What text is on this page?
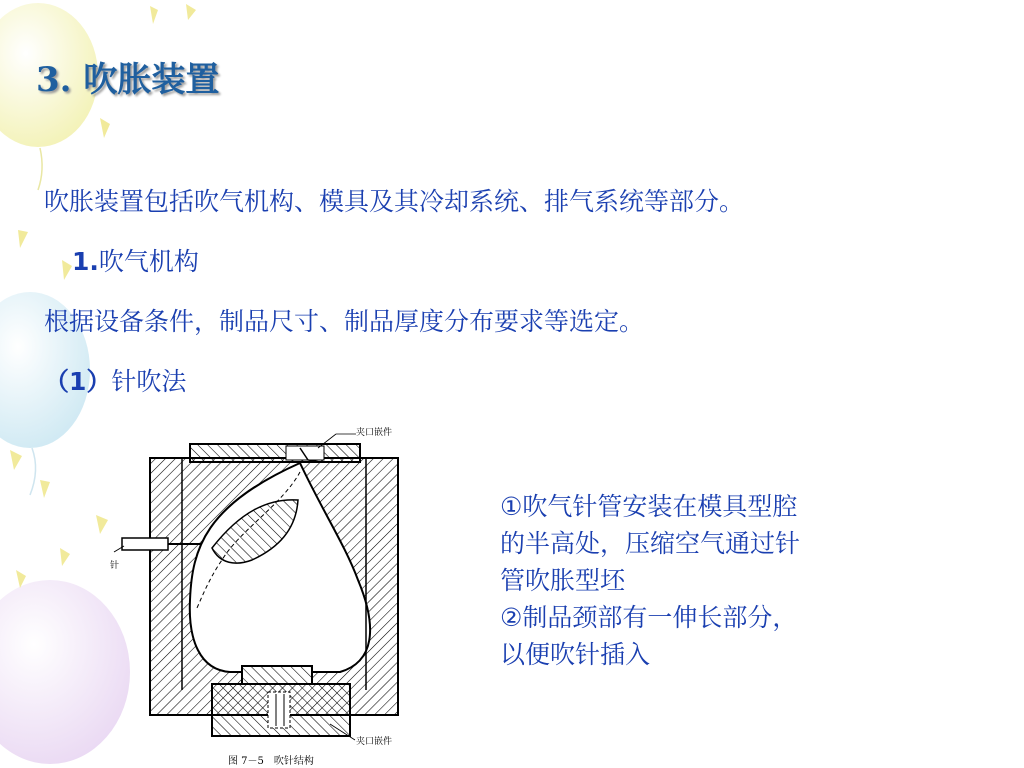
3. 吹胀装置
吹胀装置包括吹气机构、模具及其冷却系统、排气系统等部分。
1.吹气机构
根据设备条件，制品尺寸、制品厚度分布要求等选定。
（1）针吹法
夹口嵌件
针
夹口嵌件
图 7－5　吹针结构
①吹气针管安装在模具型腔
的半高处，压缩空气通过针
管吹胀型坯
②制品颈部有一伸长部分，
以便吹针插入
